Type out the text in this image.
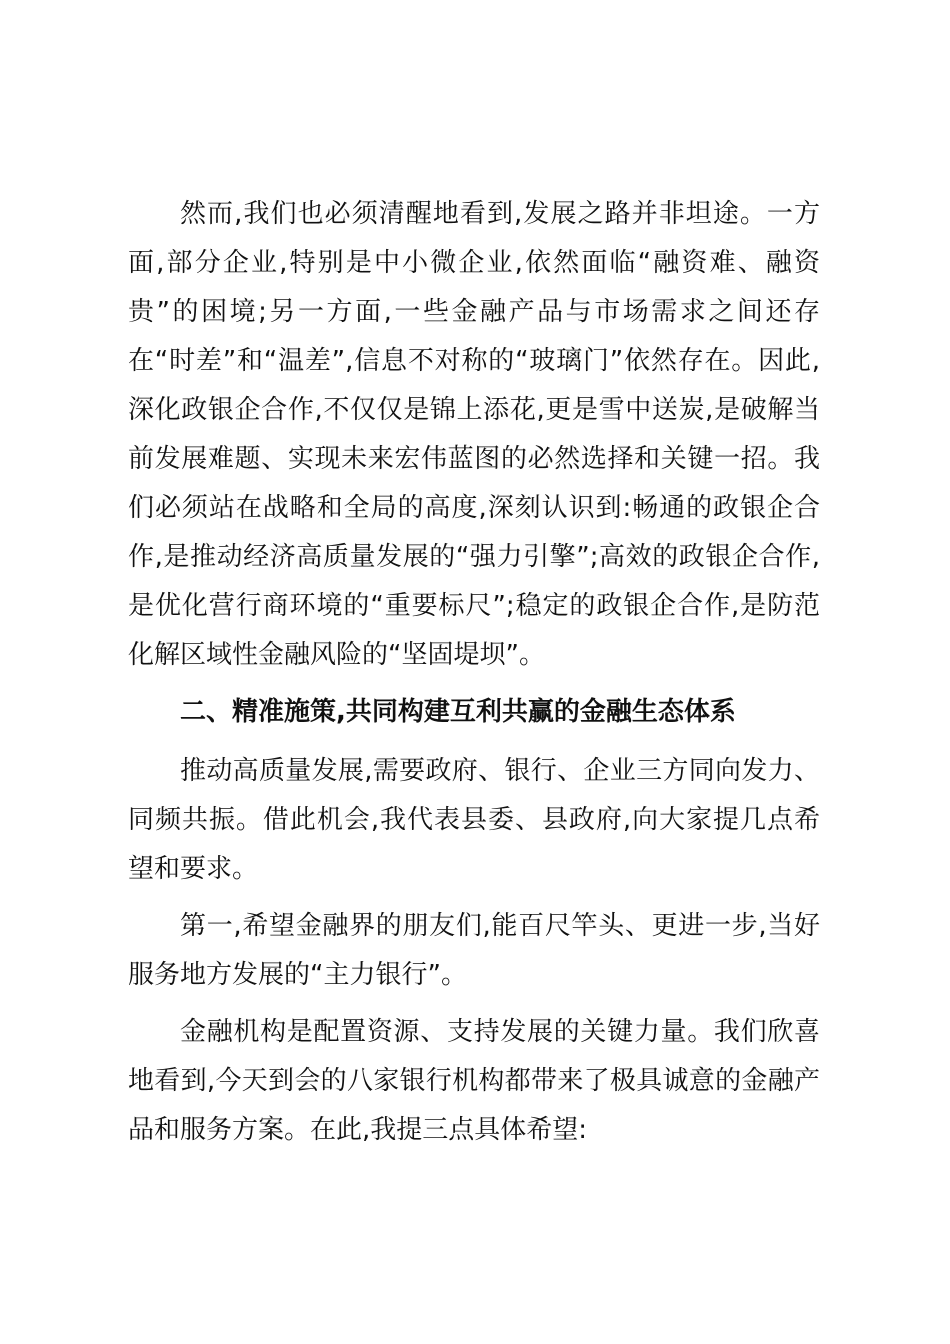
然而,我们也必须清醒地看到,发展之路并非坦途。一方面,部分企业,特别是中小微企业,依然面临“融资难、融资贵”的困境;另一方面,一些金融产品与市场需求之间还存在“时差”和“温差”,信息不对称的“玻璃门”依然存在。因此,深化政银企合作,不仅仅是锦上添花,更是雪中送炭,是破解当前发展难题、实现未来宏伟蓝图的必然选择和关键一招。我们必须站在战略和全局的高度,深刻认识到:畅通的政银企合作,是推动经济高质量发展的“强力引擎”;高效的政银企合作,是优化营行商环境的“重要标尺”;稳定的政银企合作,是防范化解区域性金融风险的“坚固堤坝”。

二、精准施策,共同构建互利共赢的金融生态体系

推动高质量发展,需要政府、银行、企业三方同向发力、同频共振。借此机会,我代表县委、县政府,向大家提几点希望和要求。

第一,希望金融界的朋友们,能百尺竿头、更进一步,当好服务地方发展的“主力银行”。

金融机构是配置资源、支持发展的关键力量。我们欣喜地看到,今天到会的八家银行机构都带来了极具诚意的金融产品和服务方案。在此,我提三点具体希望:
